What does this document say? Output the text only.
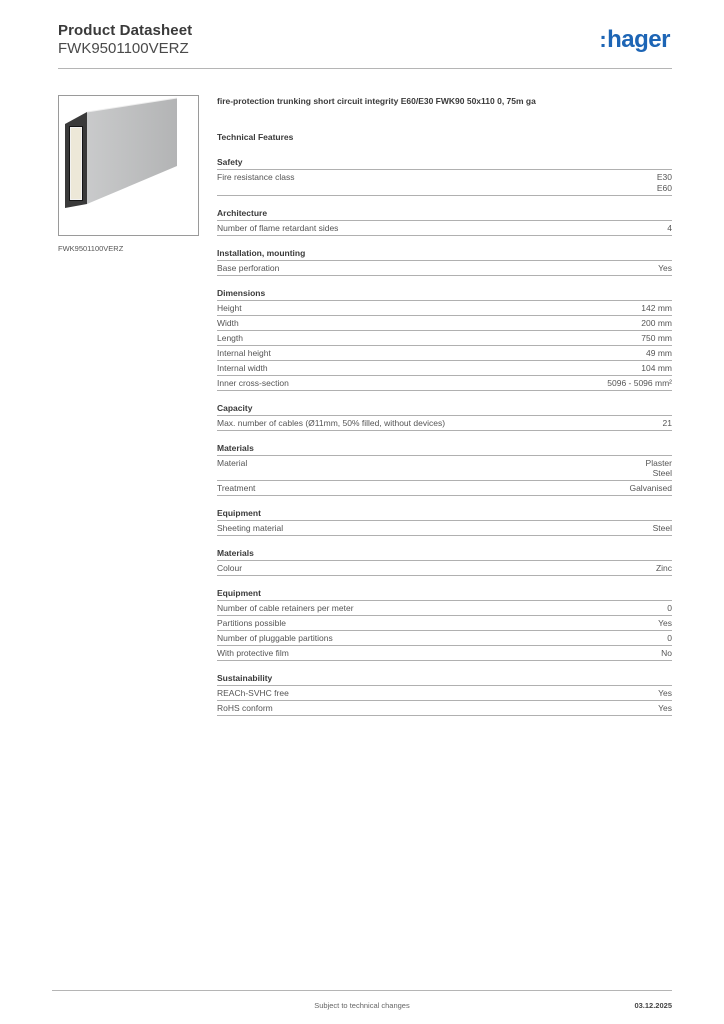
Product Datasheet
FWK9501100VERZ	:hager
FWK9501100VERZ
fire-protection trunking short circuit integrity E60/E30 FWK90 50x110 0, 75m ga
Technical Features
Safety
Fire resistance class	E30
E60
Architecture
Number of flame retardant sides	4
Installation, mounting
Base perforation	Yes
Dimensions
Height	142 mm
Width	200 mm
Length	750 mm
Internal height	49 mm
Internal width	104 mm
Inner cross-section	5096 - 5096 mm²
Capacity
Max. number of cables (Ø11mm, 50% filled, without devices)	21
Materials
Material	Plaster
Steel
Treatment	Galvanised
Equipment
Sheeting material	Steel
Materials
Colour	Zinc
Equipment
Number of cable retainers per meter	0
Partitions possible	Yes
Number of pluggable partitions	0
With protective film	No
Sustainability
REACh-SVHC free	Yes
RoHS conform	Yes
Subject to technical changes	03.12.2025
